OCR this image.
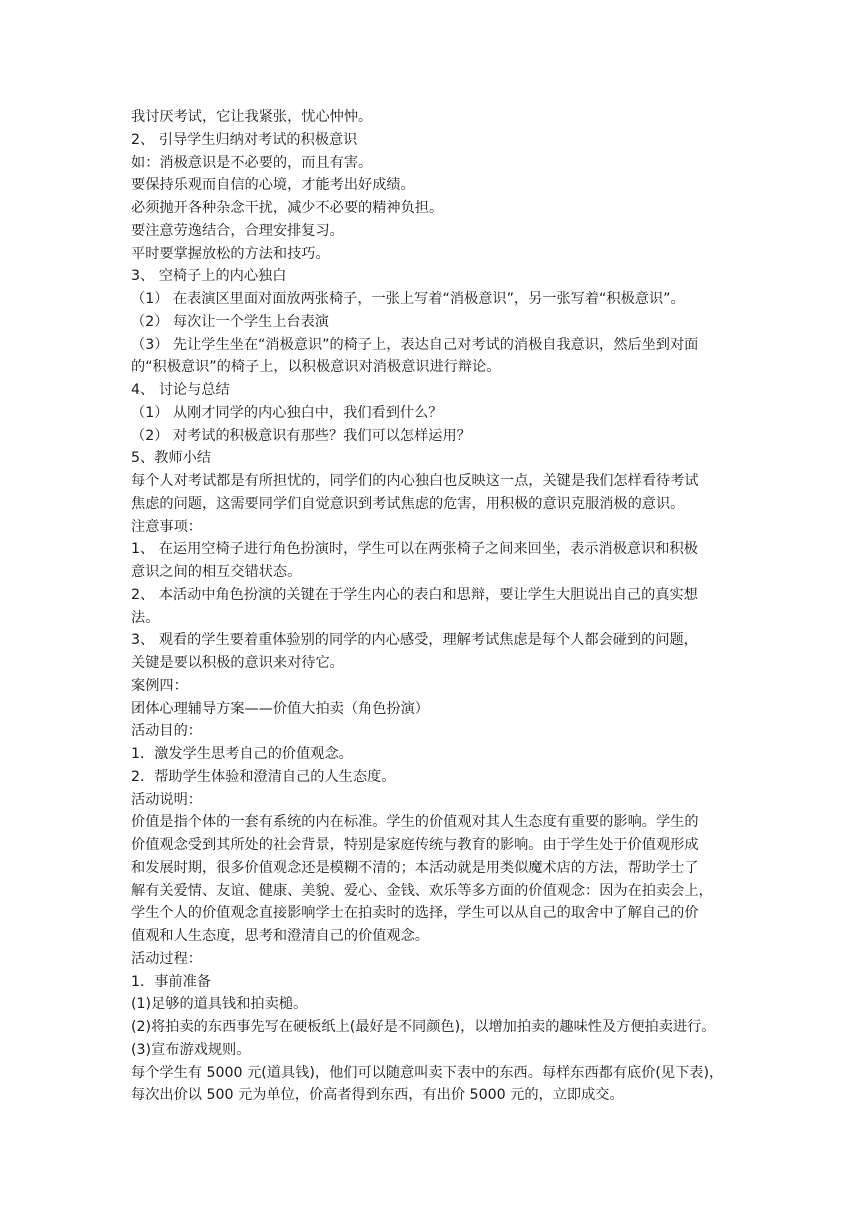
我讨厌考试，它让我紧张，忧心忡忡。
2、 引导学生归纳对考试的积极意识
如：消极意识是不必要的，而且有害。
要保持乐观而自信的心境，才能考出好成绩。
必须抛开各种杂念干扰，减少不必要的精神负担。
要注意劳逸结合，合理安排复习。
平时要掌握放松的方法和技巧。
3、 空椅子上的内心独白
（1） 在表演区里面对面放两张椅子，一张上写着“消极意识”，另一张写着“积极意识”。
（2） 每次让一个学生上台表演
（3） 先让学生坐在“消极意识”的椅子上，表达自己对考试的消极自我意识，然后坐到对面
的“积极意识”的椅子上，以积极意识对消极意识进行辩论。
4、 讨论与总结
（1） 从刚才同学的内心独白中，我们看到什么？
（2） 对考试的积极意识有那些？我们可以怎样运用？
5、教师小结
每个人对考试都是有所担忧的，同学们的内心独白也反映这一点，关键是我们怎样看待考试
焦虑的问题，这需要同学们自觉意识到考试焦虑的危害，用积极的意识克服消极的意识。
注意事项：
1、 在运用空椅子进行角色扮演时，学生可以在两张椅子之间来回坐，表示消极意识和积极
意识之间的相互交错状态。
2、 本活动中角色扮演的关键在于学生内心的表白和思辩，要让学生大胆说出自己的真实想
法。
3、 观看的学生要着重体验别的同学的内心感受，理解考试焦虑是每个人都会碰到的问题，
关键是要以积极的意识来对待它。
案例四：
团体心理辅导方案——价值大拍卖（角色扮演）
活动目的：
1．激发学生思考自己的价值观念。
2．帮助学生体验和澄清自己的人生态度。
活动说明：
价值是指个体的一套有系统的内在标准。学生的价值观对其人生态度有重要的影响。学生的
价值观念受到其所处的社会背景，特别是家庭传统与教育的影响。由于学生处于价值观形成
和发展时期，很多价值观念还是模糊不清的；本活动就是用类似魔术店的方法，帮助学士了
解有关爱情、友谊、健康、美貌、爱心、金钱、欢乐等多方面的价值观念：因为在拍卖会上，
学生个人的价值观念直接影响学士在拍卖时的选择，学生可以从自己的取舍中了解自己的价
值观和人生态度，思考和澄清自己的价值观念。
活动过程：
1．事前准备
(1)足够的道具钱和拍卖槌。
(2)将拍卖的东西事先写在硬板纸上(最好是不同颜色)，以增加拍卖的趣味性及方便拍卖进行。
(3)宣布游戏规则。
每个学生有 5000 元(道具钱)，他们可以随意叫卖下表中的东西。每样东西都有底价(见下表)，
每次出价以 500 元为单位，价高者得到东西，有出价 5000 元的，立即成交。
